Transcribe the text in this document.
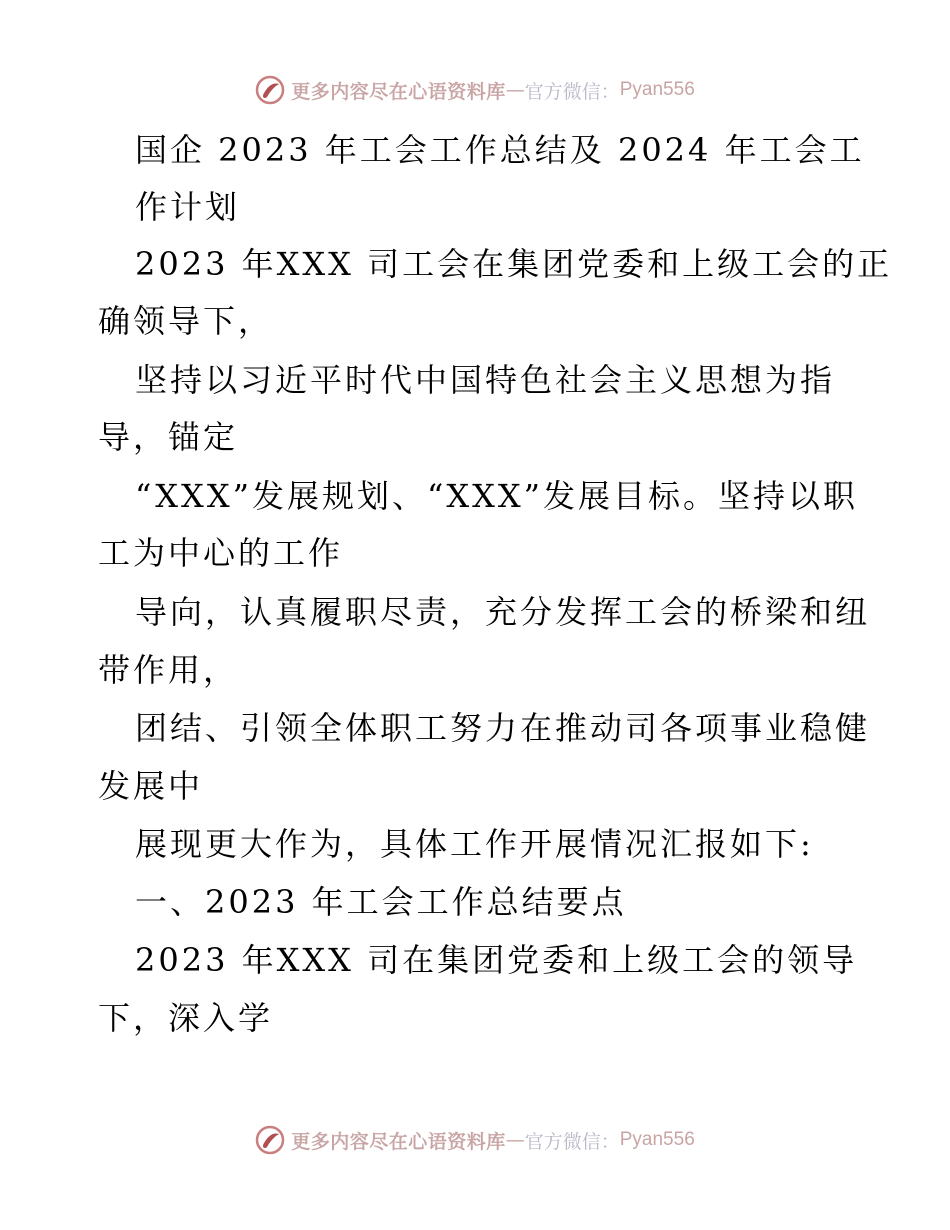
更多内容尽在心语资料库 — 官方微信： Pyan556
国企 2023 年工会工作总结及 2024 年工会工
作计划
2023 年XXX 司工会在集团党委和上级工会的正
确领导下，
坚持以习近平时代中国特色社会主义思想为指
导，锚定
“XXX”发展规划、“XXX”发展目标。坚持以职
工为中心的工作
导向，认真履职尽责，充分发挥工会的桥梁和纽
带作用，
团结、引领全体职工努力在推动司各项事业稳健
发展中
展现更大作为，具体工作开展情况汇报如下:
一、2023 年工会工作总结要点
2023 年XXX 司在集团党委和上级工会的领导
下，深入学
更多内容尽在心语资料库 — 官方微信： Pyan556
